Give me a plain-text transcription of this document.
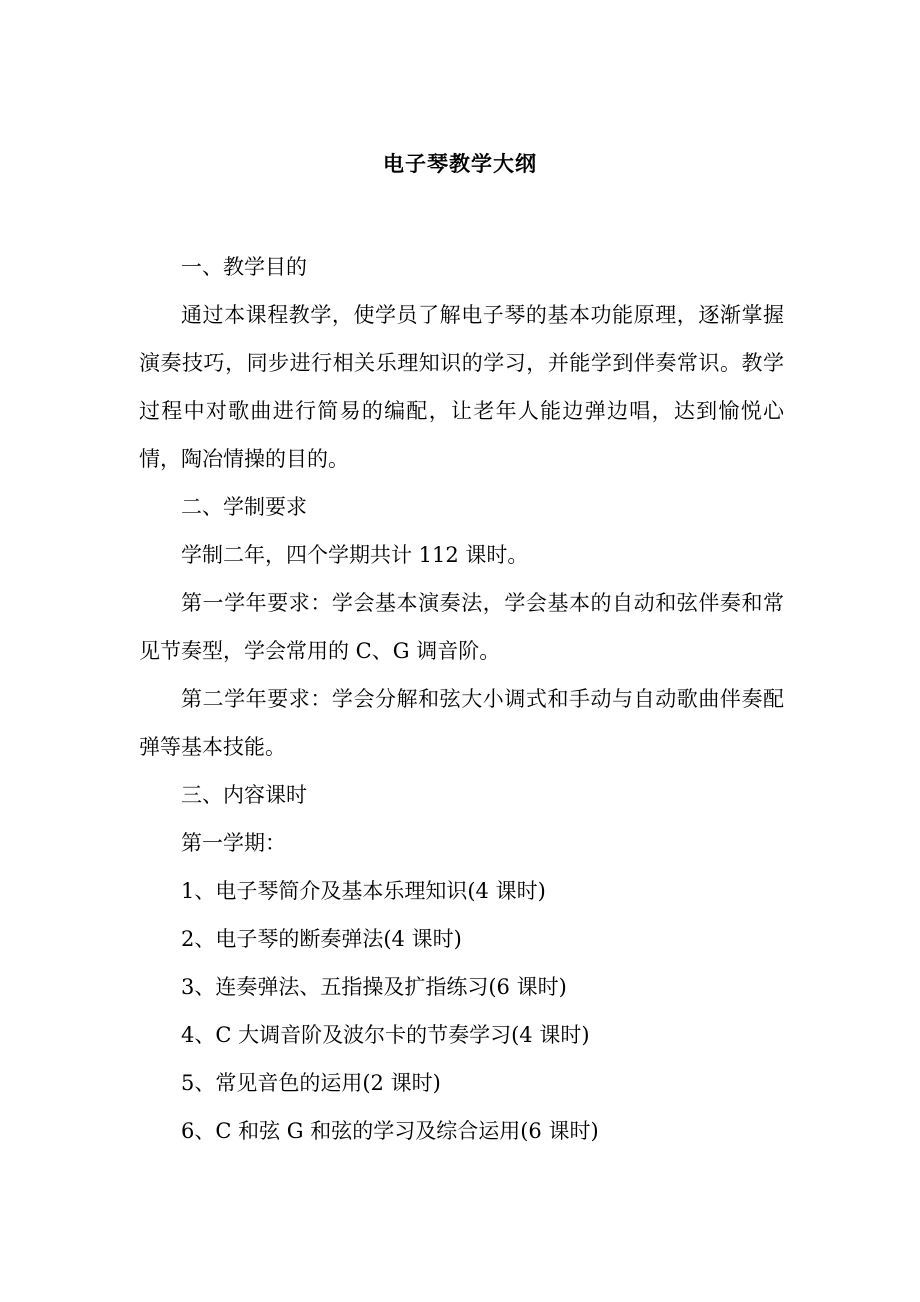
电子琴教学大纲

一、教学目的

通过本课程教学，使学员了解电子琴的基本功能原理，逐渐掌握演奏技巧，同步进行相关乐理知识的学习，并能学到伴奏常识。教学过程中对歌曲进行简易的编配，让老年人能边弹边唱，达到愉悦心情，陶冶情操的目的。

二、学制要求

学制二年，四个学期共计 112 课时。

第一学年要求：学会基本演奏法，学会基本的自动和弦伴奏和常见节奏型，学会常用的 C、G 调音阶。

第二学年要求：学会分解和弦大小调式和手动与自动歌曲伴奏配弹等基本技能。

三、内容课时

第一学期：

1、电子琴简介及基本乐理知识(4 课时)

2、电子琴的断奏弹法(4 课时)

3、连奏弹法、五指操及扩指练习(6 课时)

4、C 大调音阶及波尔卡的节奏学习(4 课时)

5、常见音色的运用(2 课时)

6、C 和弦 G 和弦的学习及综合运用(6 课时)
